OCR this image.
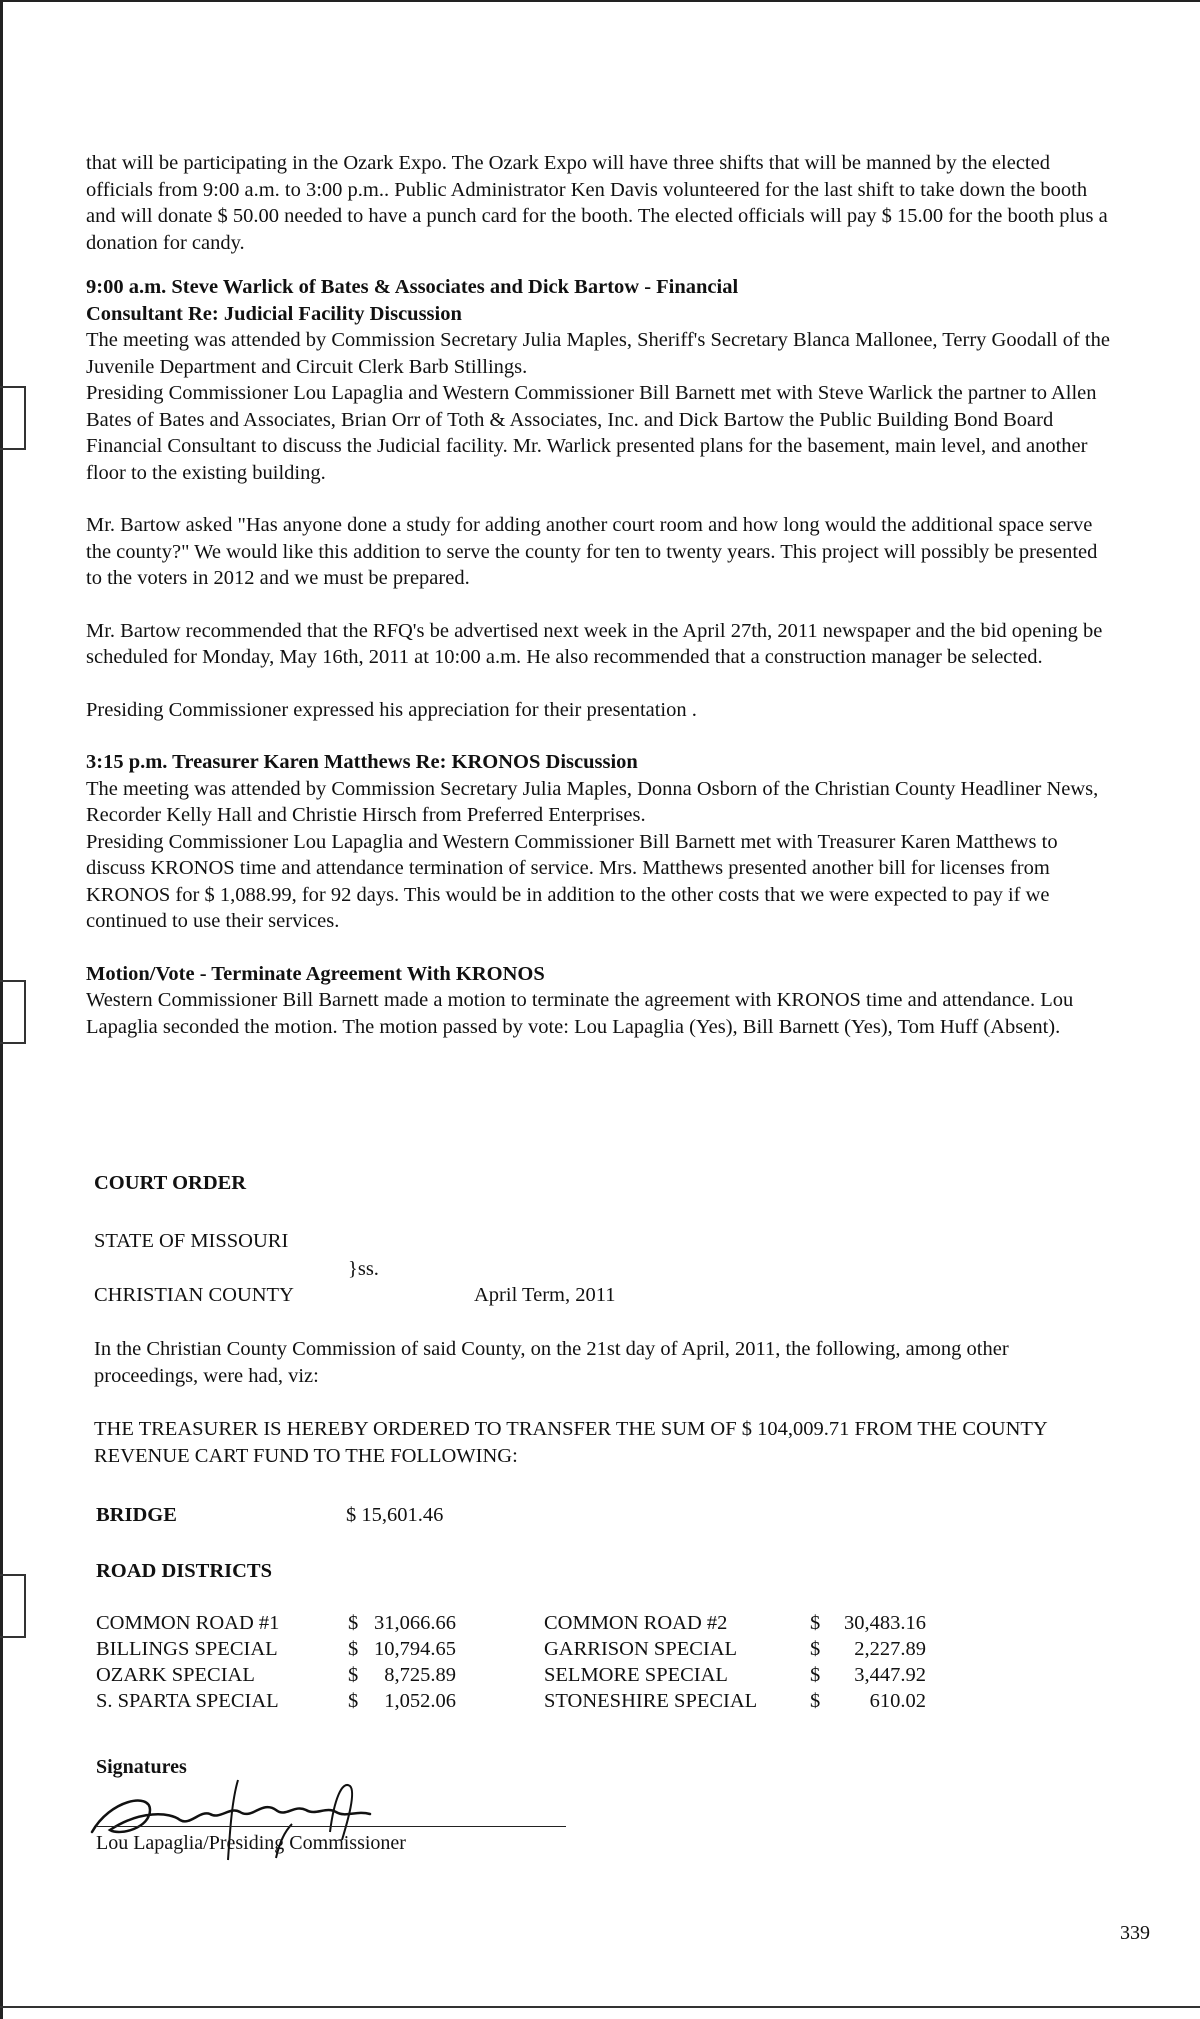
that will be participating in the Ozark Expo. The Ozark Expo will have three shifts that will be manned by the elected officials from 9:00 a.m. to 3:00 p.m.. Public Administrator Ken Davis volunteered for the last shift to take down the booth and will donate $ 50.00 needed to have a punch card for the booth. The elected officials will pay $ 15.00 for the booth plus a donation for candy.

9:00 a.m. Steve Warlick of Bates & Associates and Dick Bartow - Financial

Consultant Re: Judicial Facility Discussion

The meeting was attended by Commission Secretary Julia Maples, Sheriff's Secretary Blanca Mallonee, Terry Goodall of the Juvenile Department and Circuit Clerk Barb Stillings.

Presiding Commissioner Lou Lapaglia and Western Commissioner Bill Barnett met with Steve Warlick the partner to Allen Bates of Bates and Associates, Brian Orr of Toth & Associates, Inc. and Dick Bartow the Public Building Bond Board Financial Consultant to discuss the Judicial facility. Mr. Warlick presented plans for the basement, main level, and another floor to the existing building.

Mr. Bartow asked "Has anyone done a study for adding another court room and how long would the additional space serve the county?" We would like this addition to serve the county for ten to twenty years. This project will possibly be presented to the voters in 2012 and we must be prepared.

Mr. Bartow recommended that the RFQ's be advertised next week in the April 27th, 2011 newspaper and the bid opening be scheduled for Monday, May 16th, 2011 at 10:00 a.m. He also recommended that a construction manager be selected.

Presiding Commissioner expressed his appreciation for their presentation .

3:15 p.m. Treasurer Karen Matthews Re: KRONOS Discussion

The meeting was attended by Commission Secretary Julia Maples, Donna Osborn of the Christian County Headliner News, Recorder Kelly Hall and Christie Hirsch from Preferred Enterprises.

Presiding Commissioner Lou Lapaglia and Western Commissioner Bill Barnett met with Treasurer Karen Matthews to discuss KRONOS time and attendance termination of service. Mrs. Matthews presented another bill for licenses from KRONOS for $ 1,088.99, for 92 days. This would be in addition to the other costs that we were expected to pay if we continued to use their services.

Motion/Vote - Terminate Agreement With KRONOS

Western Commissioner Bill Barnett made a motion to terminate the agreement with KRONOS time and attendance. Lou Lapaglia seconded the motion. The motion passed by vote: Lou Lapaglia (Yes), Bill Barnett (Yes), Tom Huff (Absent).

COURT ORDER
STATE OF MISSOURI
}ss.
CHRISTIAN COUNTY	April Term, 2011
In the Christian County Commission of said County, on the 21st day of April, 2011, the following, among other proceedings, were had, viz:
THE TREASURER IS HEREBY ORDERED TO TRANSFER THE SUM OF $ 104,009.71 FROM THE COUNTY REVENUE CART FUND TO THE FOLLOWING:
BRIDGE	$ 15,601.46
ROAD DISTRICTS
COMMON ROAD #1	$ 31,066.66	COMMON ROAD #2	$	30,483.16
BILLINGS SPECIAL	$ 10,794.65	GARRISON SPECIAL	$	2,227.89
OZARK SPECIAL	$	8,725.89	SELMORE SPECIAL	$	3,447.92
S. SPARTA SPECIAL	$	1,052.06	STONESHIRE SPECIAL	$	610.02
Signatures
Lou Lapaglia/Presiding Commissioner
339
